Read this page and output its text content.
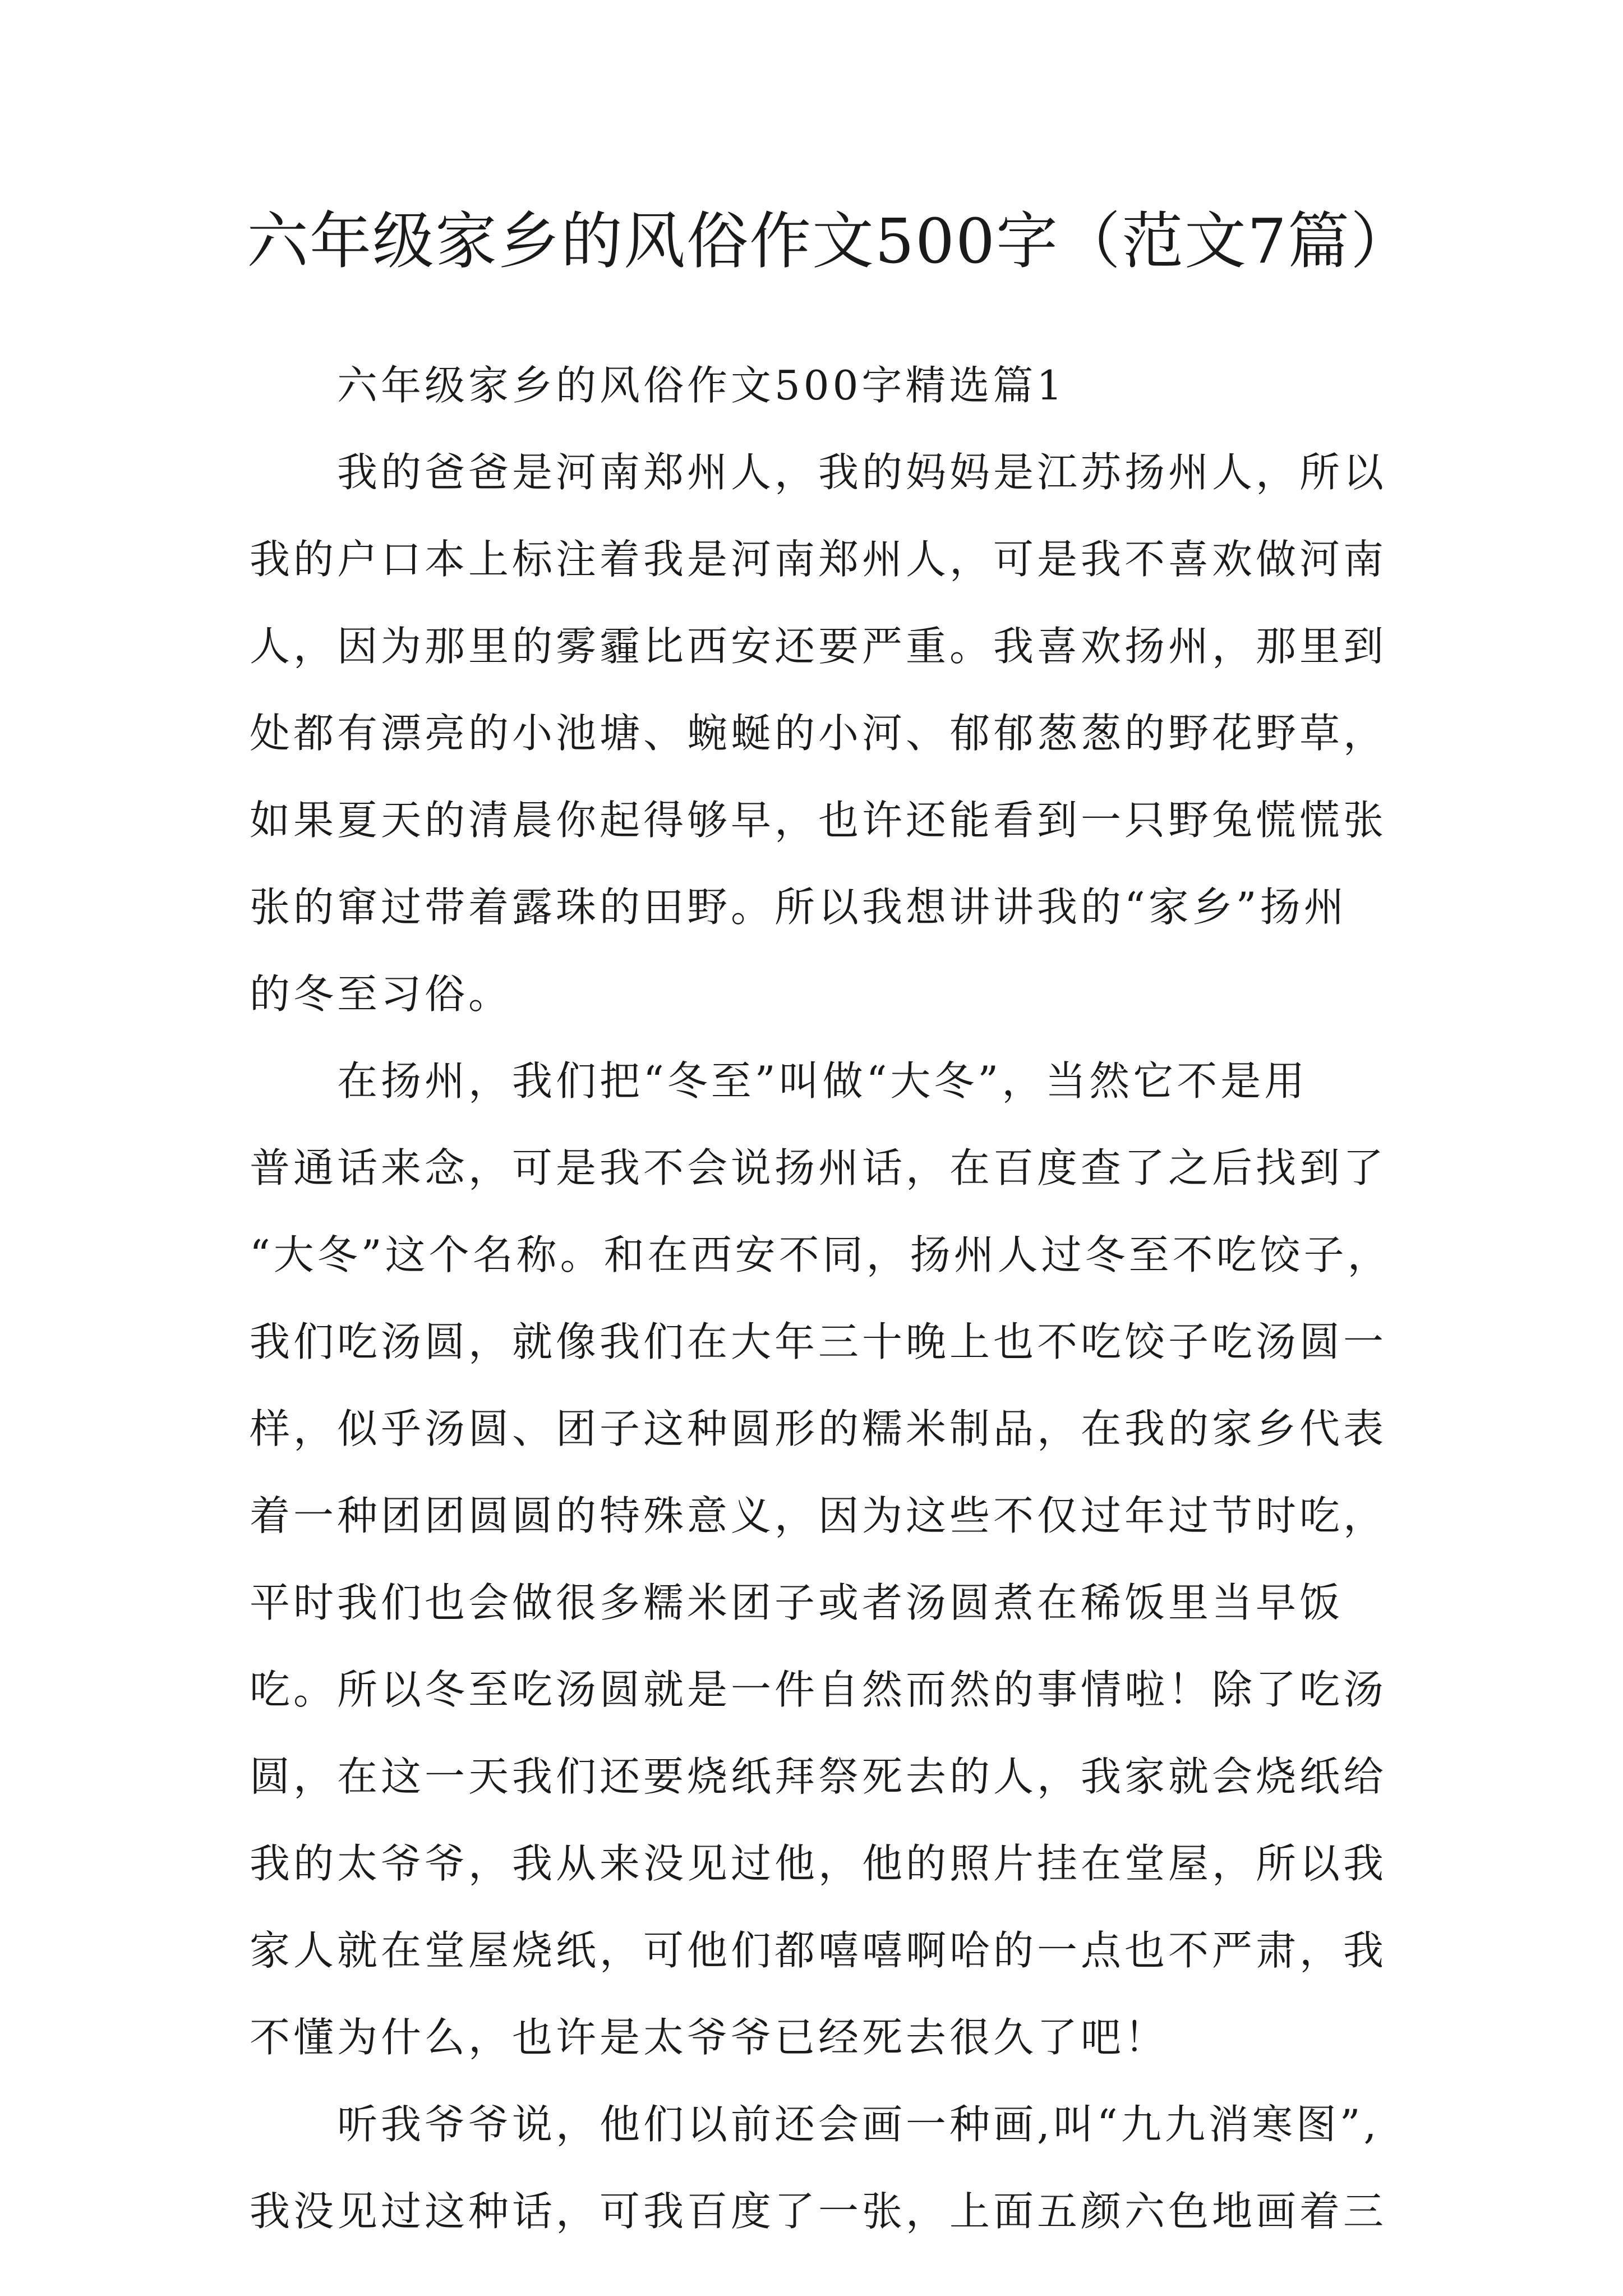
六年级家乡的风俗作文500字（范文7篇）
六年级家乡的风俗作文500字精选篇1
我的爸爸是河南郑州人，我的妈妈是江苏扬州人，所以
我的户口本上标注着我是河南郑州人，可是我不喜欢做河南
人，因为那里的雾霾比西安还要严重。我喜欢扬州，那里到
处都有漂亮的小池塘、蜿蜒的小河、郁郁葱葱的野花野草，
如果夏天的清晨你起得够早，也许还能看到一只野兔慌慌张
张的窜过带着露珠的田野。所以我想讲讲我的“家乡”扬州
的冬至习俗。
在扬州，我们把“冬至”叫做“大冬”，当然它不是用
普通话来念，可是我不会说扬州话，在百度查了之后找到了
“大冬”这个名称。和在西安不同，扬州人过冬至不吃饺子，
我们吃汤圆，就像我们在大年三十晚上也不吃饺子吃汤圆一
样，似乎汤圆、团子这种圆形的糯米制品，在我的家乡代表
着一种团团圆圆的特殊意义，因为这些不仅过年过节时吃，
平时我们也会做很多糯米团子或者汤圆煮在稀饭里当早饭
吃。所以冬至吃汤圆就是一件自然而然的事情啦！除了吃汤
圆，在这一天我们还要烧纸拜祭死去的人，我家就会烧纸给
我的太爷爷，我从来没见过他，他的照片挂在堂屋，所以我
家人就在堂屋烧纸，可他们都嘻嘻啊哈的一点也不严肃，我
不懂为什么，也许是太爷爷已经死去很久了吧！
听我爷爷说，他们以前还会画一种画,叫“九九消寒图”,
我没见过这种话，可我百度了一张，上面五颜六色地画着三
